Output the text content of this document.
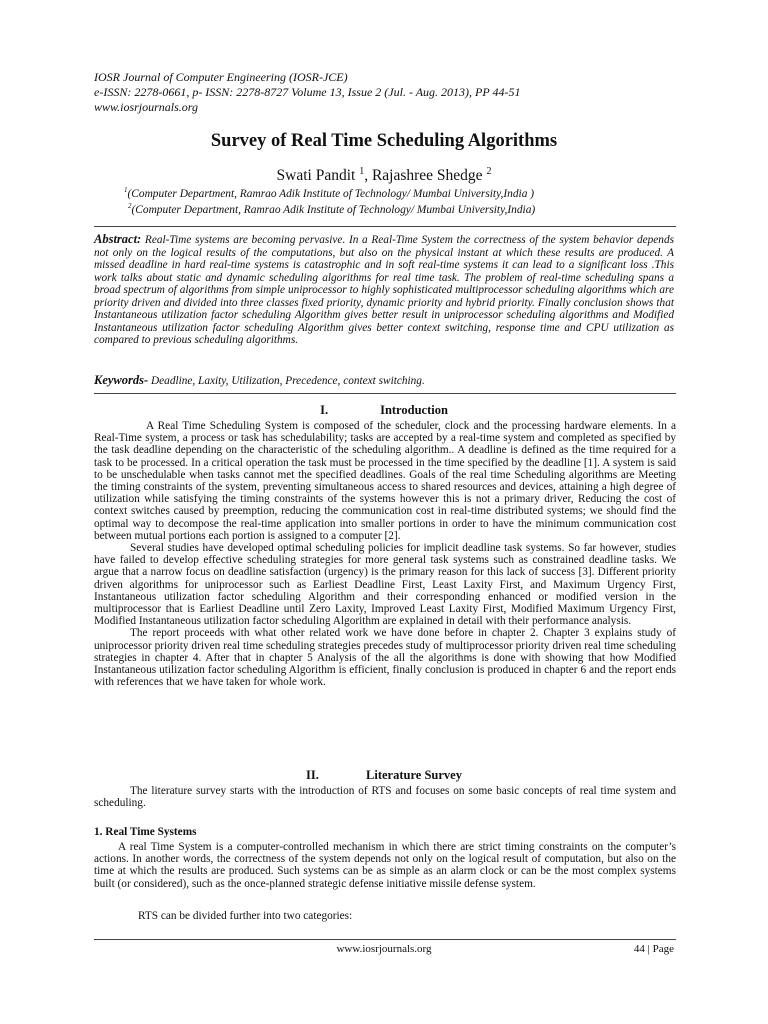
IOSR Journal of Computer Engineering (IOSR-JCE)
e-ISSN: 2278-0661, p- ISSN: 2278-8727 Volume 13, Issue 2 (Jul. - Aug. 2013), PP 44-51
www.iosrjournals.org
Survey of Real Time Scheduling Algorithms
Swati Pandit $^1$, Rajashree Shedge $^2$
$^1$(Computer Department, Ramrao Adik Institute of Technology/ Mumbai University,India )
$^2$(Computer Department, Ramrao Adik Institute of Technology/ Mumbai University,India)
Abstract: Real-Time systems are becoming pervasive. In a Real-Time System the correctness of the system behavior depends not only on the logical results of the computations, but also on the physical instant at which these results are produced. A missed deadline in hard real-time systems is catastrophic and in soft real-time systems it can lead to a significant loss .This work talks about static and dynamic scheduling algorithms for real time task. The problem of real-time scheduling spans a broad spectrum of algorithms from simple uniprocessor to highly sophisticated multiprocessor scheduling algorithms which are priority driven and divided into three classes fixed priority, dynamic priority and hybrid priority. Finally conclusion shows that Instantaneous utilization factor scheduling Algorithm gives better result in uniprocessor scheduling algorithms and Modified Instantaneous utilization factor scheduling Algorithm gives better context switching, response time and CPU utilization as compared to previous scheduling algorithms.
Keywords- Deadline, Laxity, Utilization, Precedence, context switching.
I.	Introduction

A Real Time Scheduling System is composed of the scheduler, clock and the processing hardware elements. In a Real-Time system, a process or task has schedulability; tasks are accepted by a real-time system and completed as specified by the task deadline depending on the characteristic of the scheduling algorithm.. A deadline is defined as the time required for a task to be processed. In a critical operation the task must be processed in the time specified by the deadline [1]. A system is said to be unschedulable when tasks cannot met the specified deadlines. Goals of the real time Scheduling algorithms are Meeting the timing constraints of the system, preventing simultaneous access to shared resources and devices, attaining a high degree of utilization while satisfying the timing constraints of the systems however this is not a primary driver, Reducing the cost of context switches caused by preemption, reducing the communication cost in real-time distributed systems; we should find the optimal way to decompose the real-time application into smaller portions in order to have the minimum communication cost between mutual portions each portion is assigned to a computer [2].

Several studies have developed optimal scheduling policies for implicit deadline task systems. So far however, studies have failed to develop effective scheduling strategies for more general task systems such as constrained deadline tasks. We argue that a narrow focus on deadline satisfaction (urgency) is the primary reason for this lack of success [3]. Different priority driven algorithms for uniprocessor such as Earliest Deadline First, Least Laxity First, and Maximum Urgency First, Instantaneous utilization factor scheduling Algorithm and their corresponding enhanced or modified version in the multiprocessor that is Earliest Deadline until Zero Laxity, Improved Least Laxity First, Modified Maximum Urgency First, Modified Instantaneous utilization factor scheduling Algorithm are explained in detail with their performance analysis.

The report proceeds with what other related work we have done before in chapter 2. Chapter 3 explains study of uniprocessor priority driven real time scheduling strategies precedes study of multiprocessor priority driven real time scheduling strategies in chapter 4. After that in chapter 5 Analysis of the all the algorithms is done with showing that how Modified Instantaneous utilization factor scheduling Algorithm is efficient, finally conclusion is produced in chapter 6 and the report ends with references that we have taken for whole work.

II.	Literature Survey

The literature survey starts with the introduction of RTS and focuses on some basic concepts of real time system and scheduling.

1. Real Time Systems

A real Time System is a computer-controlled mechanism in which there are strict timing constraints on the computer’s actions. In another words, the correctness of the system depends not only on the logical result of computation, but also on the time at which the results are produced. Such systems can be as simple as an alarm clock or can be the most complex systems built (or considered), such as the once-planned strategic defense initiative missile defense system.

RTS can be divided further into two categories:
www.iosrjournals.org	44 | Page
